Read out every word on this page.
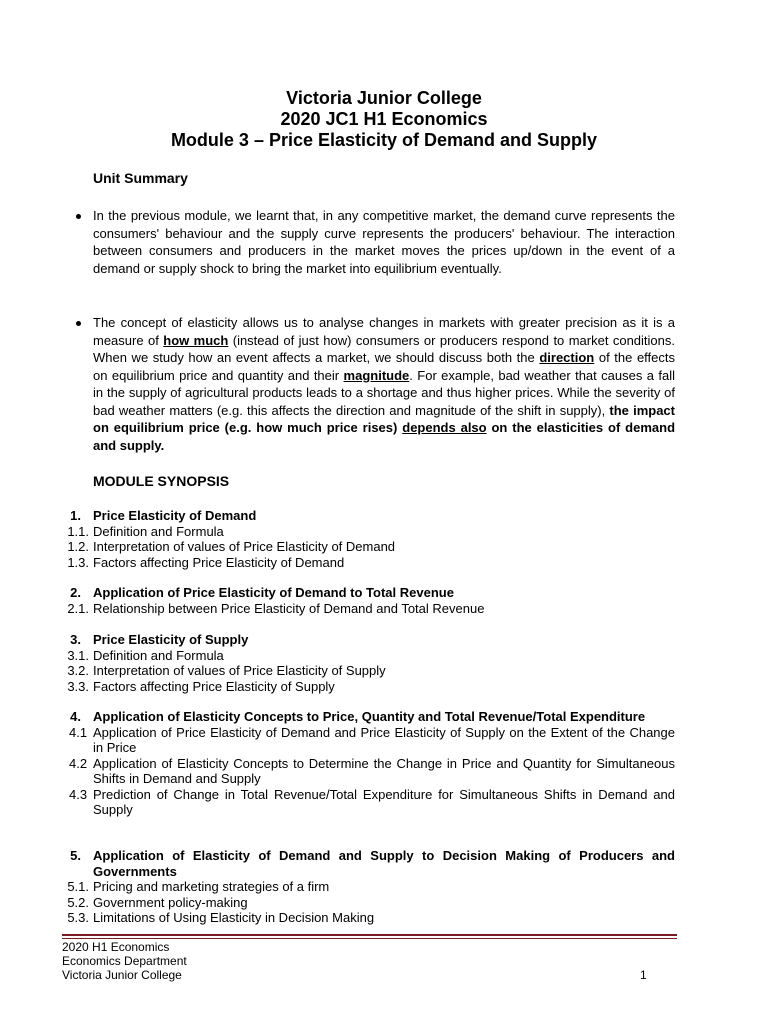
Victoria Junior College
2020 JC1 H1 Economics
Module 3 – Price Elasticity of Demand and Supply
Unit Summary
In the previous module, we learnt that, in any competitive market, the demand curve represents the consumers' behaviour and the supply curve represents the producers' behaviour. The interaction between consumers and producers in the market moves the prices up/down in the event of a demand or supply shock to bring the market into equilibrium eventually.
The concept of elasticity allows us to analyse changes in markets with greater precision as it is a measure of how much (instead of just how) consumers or producers respond to market conditions. When we study how an event affects a market, we should discuss both the direction of the effects on equilibrium price and quantity and their magnitude. For example, bad weather that causes a fall in the supply of agricultural products leads to a shortage and thus higher prices. While the severity of bad weather matters (e.g. this affects the direction and magnitude of the shift in supply), the impact on equilibrium price (e.g. how much price rises) depends also on the elasticities of demand and supply.
MODULE SYNOPSIS
1. Price Elasticity of Demand
1.1. Definition and Formula
1.2. Interpretation of values of Price Elasticity of Demand
1.3. Factors affecting Price Elasticity of Demand
2. Application of Price Elasticity of Demand to Total Revenue
2.1. Relationship between Price Elasticity of Demand and Total Revenue
3. Price Elasticity of Supply
3.1. Definition and Formula
3.2. Interpretation of values of Price Elasticity of Supply
3.3. Factors affecting Price Elasticity of Supply
4. Application of Elasticity Concepts to Price, Quantity and Total Revenue/Total Expenditure
4.1 Application of Price Elasticity of Demand and Price Elasticity of Supply on the Extent of the Change in Price
4.2 Application of Elasticity Concepts to Determine the Change in Price and Quantity for Simultaneous Shifts in Demand and Supply
4.3 Prediction of Change in Total Revenue/Total Expenditure for Simultaneous Shifts in Demand and Supply
5. Application of Elasticity of Demand and Supply to Decision Making of Producers and Governments
5.1. Pricing and marketing strategies of a firm
5.2. Government policy-making
5.3. Limitations of Using Elasticity in Decision Making
2020 H1 Economics
Economics Department
Victoria Junior College	1
